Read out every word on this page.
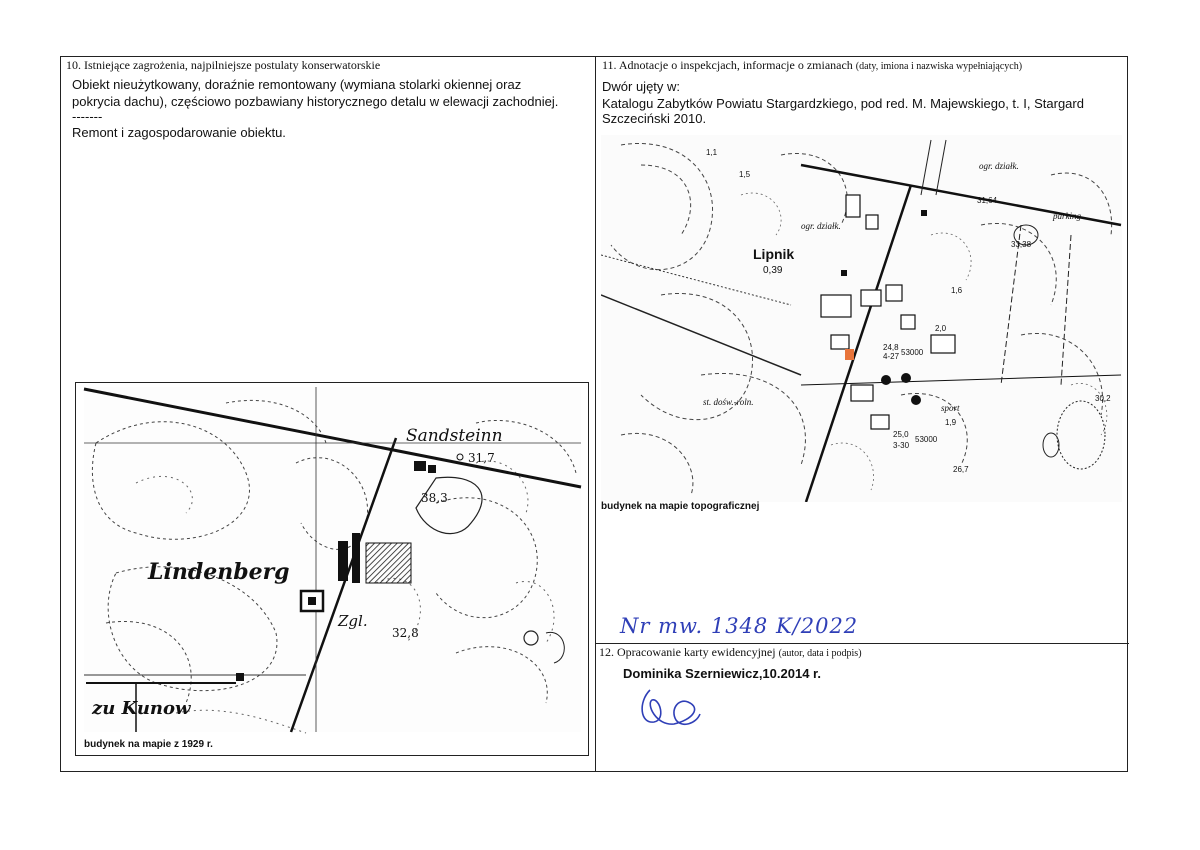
10. Istniejące zagrożenia, najpilniejsze postulaty konserwatorskie
Obiekt nieużytkowany, doraźnie remontowany (wymiana stolarki okiennej oraz
pokrycia dachu), częściowo pozbawiany historycznego detalu w elewacji zachodniej.
-------
Remont i zagospodarowanie obiektu.
11. Adnotacje o inspekcjach, informacje o zmianach (daty, imiona i nazwiska wypełniających)
Dwór ujęty w:
Katalogu Zabytków Powiatu Stargardzkiego, pod red. M. Majewskiego, t. I, Stargard
Szczeciński 2010.
Sandsteinn
31,7
38,3
Lindenberg
Zgl.
32,8
zu Kunow
budynek na mapie z 1929 r.
Lipnik
0,39
ogr. działk.
ogr. działk.
parking
31,64
33,38
st. dośw.-roln.
sport
24,8
4-27 53000
25,0
3-30
53000
26,7
30,2
1,1
1,5
1,6
2,0
1,9
budynek na mapie topograficznej
Nr mw. 1348 K/2022
12. Opracowanie karty ewidencyjnej (autor, data i podpis)
Dominika Szerniewicz,10.2014 r.
